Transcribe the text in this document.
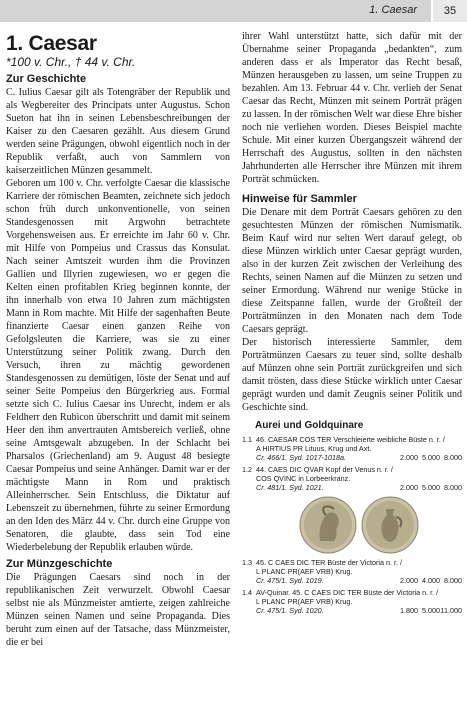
1. Caesar	35
1. Caesar
*100 v. Chr., † 44 v. Chr.
Zur Geschichte

C. Iulius Caesar gilt als Totengräber der Republik und als Wegbereiter des Principats unter Augustus. Schon Sueton hat ihn in seinen Lebensbeschreibungen der Kaiser zu den Caesaren gezählt. Aus diesem Grund werden seine Prägungen, obwohl eigentlich noch in der Republik verfaßt, auch von Sammlern von kaiserzeitlichen Münzen gesammelt.

Geboren um 100 v. Chr. verfolgte Caesar die klassische Karriere der römischen Beamten, zeichnete sich jedoch schon früh durch unkonventionelle, von seinen Standesgenossen mit Argwohn betrachtete Vorgehensweisen aus. Er erreichte im Jahr 60 v. Chr. mit Hilfe von Pompeius und Crassus das Konsulat. Nach seiner Amtszeit wurden ihm die Provinzen Gallien und Illyrien zugewiesen, wo er gegen die Kelten einen profitablen Krieg beginnen konnte, der ihn innerhalb von etwa 10 Jahren zum mächtigsten Mann in Rom machte. Mit Hilfe der sagenhaften Beute finanzierte Caesar einen ganzen Reihe von Gefolgsleuten die Karriere, was sie zu einer Unterstützung seiner Politik zwang. Durch den Versuch, ihren zu mächtig gewordenen Standesgenossen zu demütigen, löste der Senat und auf seiner Seite Pompeius den Bürgerkrieg aus. Formal setzte sich C. Iulius Caesar ins Unrecht, indem er als Feldherr den Rubicon überschritt und damit mit seinem Heer den ihm anvertrauten Amtsbereich verließ, ohne seine Amtsgewalt abzugeben. In der Schlacht bei Pharsalos (Griechenland) am 9. August 48 besiegte Caesar Pompeius und seine Anhänger. Damit war er der mächtigste Mann in Rom und praktisch Alleinherrscher. Sein Entschluss, die Diktatur auf Lebenszeit zu übernehmen, führte zu seiner Ermordung an den Iden des März 44 v. Chr. durch eine Gruppe von Senatoren, die glaubte, dass sein Tod eine Wiederbelebung der Republik erlauben würde.

Zur Münzgeschichte

Die Prägungen Caesars sind noch in der republikanischen Zeit verwurzelt. Obwohl Caesar selbst nie als Münzmeister amtierte, zeigen zahlreiche Münzen seinen Namen und seine Propaganda. Dies beruht zum einen auf der Tatsache, dass Münzmeister, die er bei

ihrer Wahl unterstützt hatte, sich dafür mit der Übernahme seiner Propaganda „bedankten“, zum anderen dass er als Imperator das Recht besaß, Münzen herausgeben zu lassen, um seine Truppen zu bezahlen. Am 13. Februar 44 v. Chr. verlieh der Senat Caesar das Recht, Münzen mit seinem Porträt prägen zu lassen. In der römischen Welt war diese Ehre bisher noch nie verliehen worden. Dieses Beispiel machte Schule. Mit einer kurzen Übergangszeit während der Herrschaft des Augustus, sollten in den nächsten Jahrhunderten alle Herrscher ihre Münzen mit ihrem Porträt schmücken.

Hinweise für Sammler

Die Denare mit dem Porträt Caesars gehören zu den gesuchtesten Münzen der römischen Numismatik. Beim Kauf wird nur selten Wert darauf gelegt, ob diese Münzen wirklich unter Caesar geprägt wurden, also in der kurzen Zeit zwischen der Verleihung des Rechts, seinen Namen auf die Münzen zu setzen und seiner Ermordung. Während nur wenige Stücke in diese Zeitspanne fallen, wurde der Großteil der Porträtmünzen in den Monaten nach dem Tode Caesars geprägt.

Der historisch interessierte Sammler, dem Porträtmünzen Caesars zu teuer sind, sollte deshalb auf Münzen ohne sein Porträt zurückgreifen und sich damit trösten, dass diese Stücke wirklich unter Caesar geprägt wurden und damit Zeugnis seiner Politik und Geschichte sind.

Aurei und Goldquinare
1.1 46. CAESAR COS TER Verschleierte weibliche Büste n. r. /
A HIRTIUS PR Lituus, Krug und Axt.
Cr. 466/1. Syd. 1017-1018a.	2.000 5.000 8.000
1.2 44. CAES DIC QVAR Kopf der Venus n. r. /
COS QVINC in Lorbeerkranz.
Cr. 481/1. Syd. 1021.	2.000 5.000 8.000
1.3 45. C CAES DIC TER Büste der Victoria n. r. /
L PLANC PR(AEF VRB) Krug.
Cr. 475/1. Syd. 1019.	2.000 4.000 8.000
1.4 AV-Quinar. 45. C CAES DIC TER Büste der Victoria n. r. /
L PLANC PR(AEF VRB) Krug.
Cr. 475/1. Syd. 1020.	1.800 5.000 11.000
